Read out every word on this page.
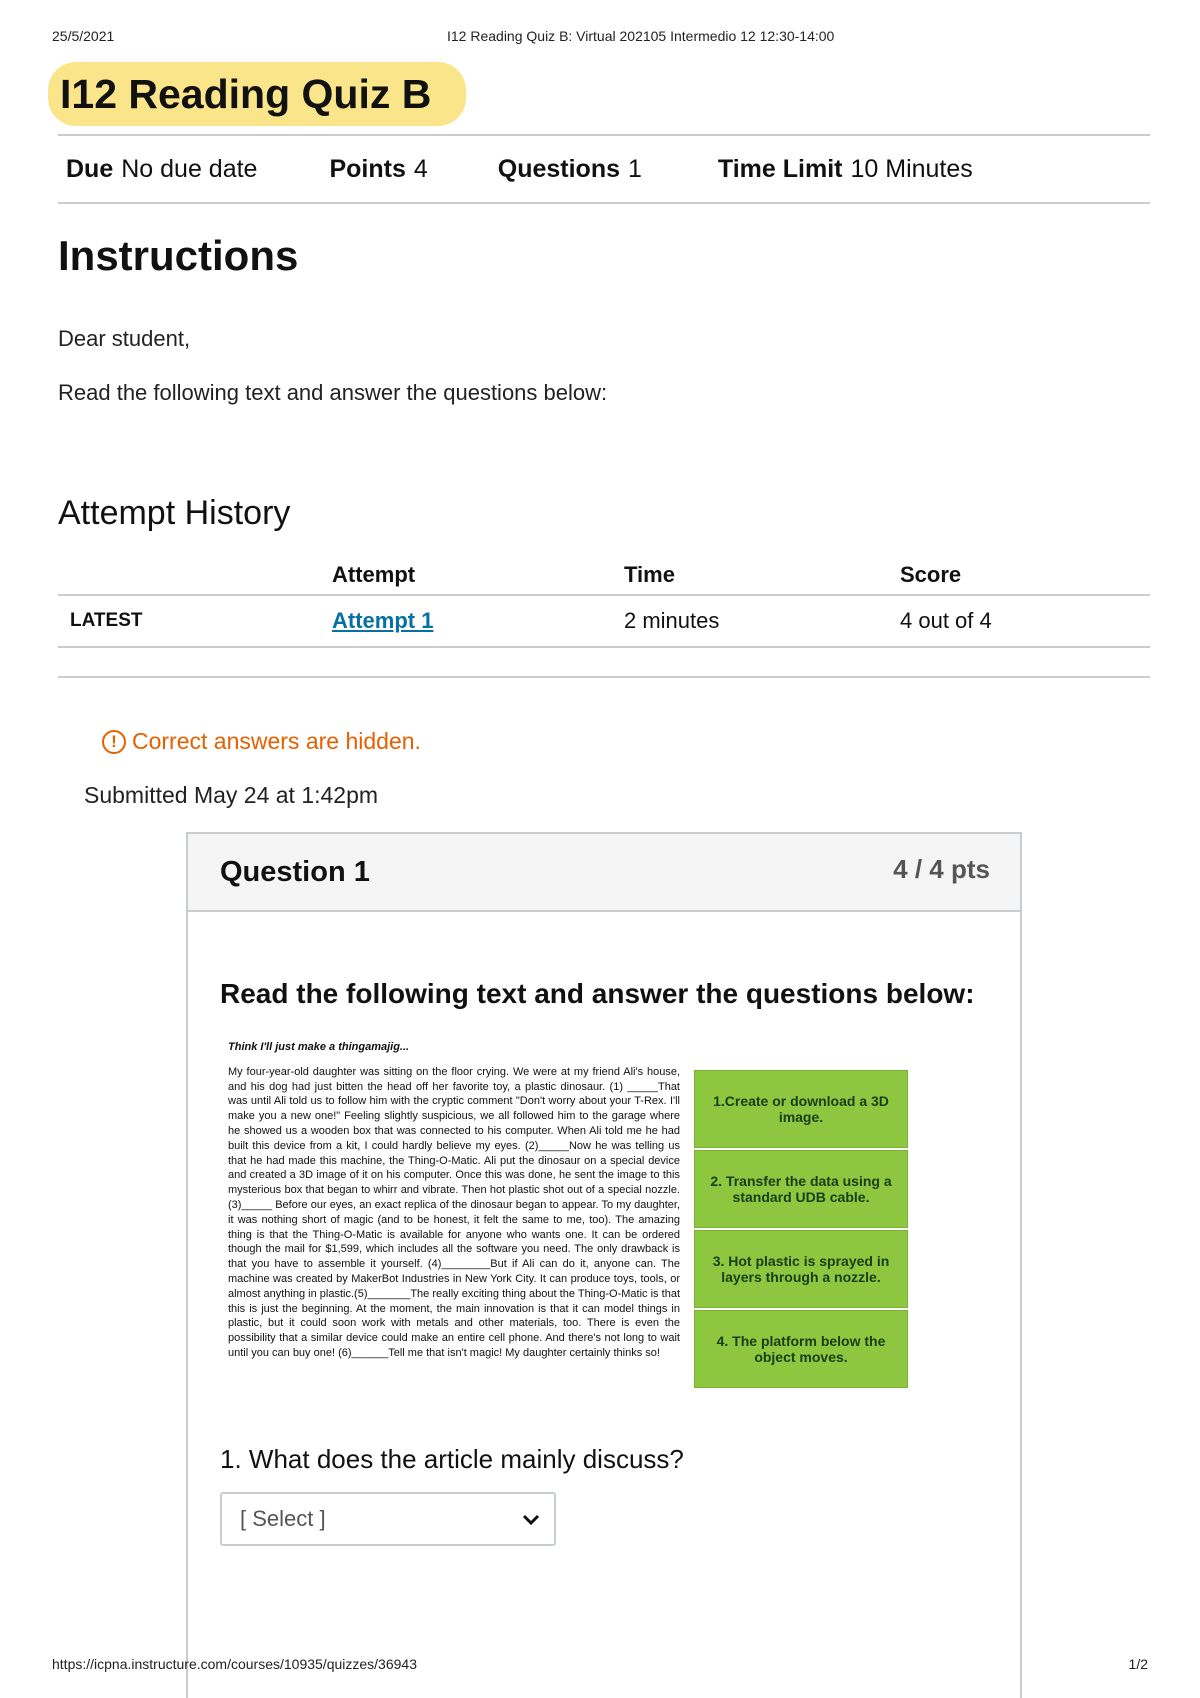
25/5/2021	I12 Reading Quiz B: Virtual 202105 Intermedio 12 12:30-14:00
I12 Reading Quiz B
Due No due date	Points 4	Questions 1	Time Limit 10 Minutes
Instructions
Dear student,
Read the following text and answer the questions below:
Attempt History
	Attempt	Time	Score
LATEST	Attempt 1	2 minutes	4 out of 4
! Correct answers are hidden.
Submitted May 24 at 1:42pm
Question 1	4 / 4 pts
Read the following text and answer the questions below:
Think I'll just make a thingamajig...
My four-year-old daughter was sitting on the floor crying. We were at my friend Ali's house, and his dog had just bitten the head off her favorite toy, a plastic dinosaur. (1) _____That was until Ali told us to follow him with the cryptic comment "Don't worry about your T-Rex. I'll make you a new one!" Feeling slightly suspicious, we all followed him to the garage where he showed us a wooden box that was connected to his computer. When Ali told me he had built this device from a kit, I could hardly believe my eyes. (2)_____Now he was telling us that he had made this machine, the Thing-O-Matic. Ali put the dinosaur on a special device and created a 3D image of it on his computer. Once this was done, he sent the image to this mysterious box that began to whirr and vibrate. Then hot plastic shot out of a special nozzle. (3)_____ Before our eyes, an exact replica of the dinosaur began to appear. To my daughter, it was nothing short of magic (and to be honest, it felt the same to me, too). The amazing thing is that the Thing-O-Matic is available for anyone who wants one. It can be ordered though the mail for $1,599, which includes all the software you need. The only drawback is that you have to assemble it yourself. (4)________But if Ali can do it, anyone can. The machine was created by MakerBot Industries in New York City. It can produce toys, tools, or almost anything in plastic.(5)_______The really exciting thing about the Thing-O-Matic is that this is just the beginning. At the moment, the main innovation is that it can model things in plastic, but it could soon work with metals and other materials, too. There is even the possibility that a similar device could make an entire cell phone. And there's not long to wait until you can buy one! (6)______Tell me that isn't magic! My daughter certainly thinks so!
1.Create or download a 3D image.
2. Transfer the data using a standard UDB cable.
3. Hot plastic is sprayed in layers through a nozzle.
4. The platform below the object moves.
1. What does the article mainly discuss?
[ Select ]
https://icpna.instructure.com/courses/10935/quizzes/36943	1/2
